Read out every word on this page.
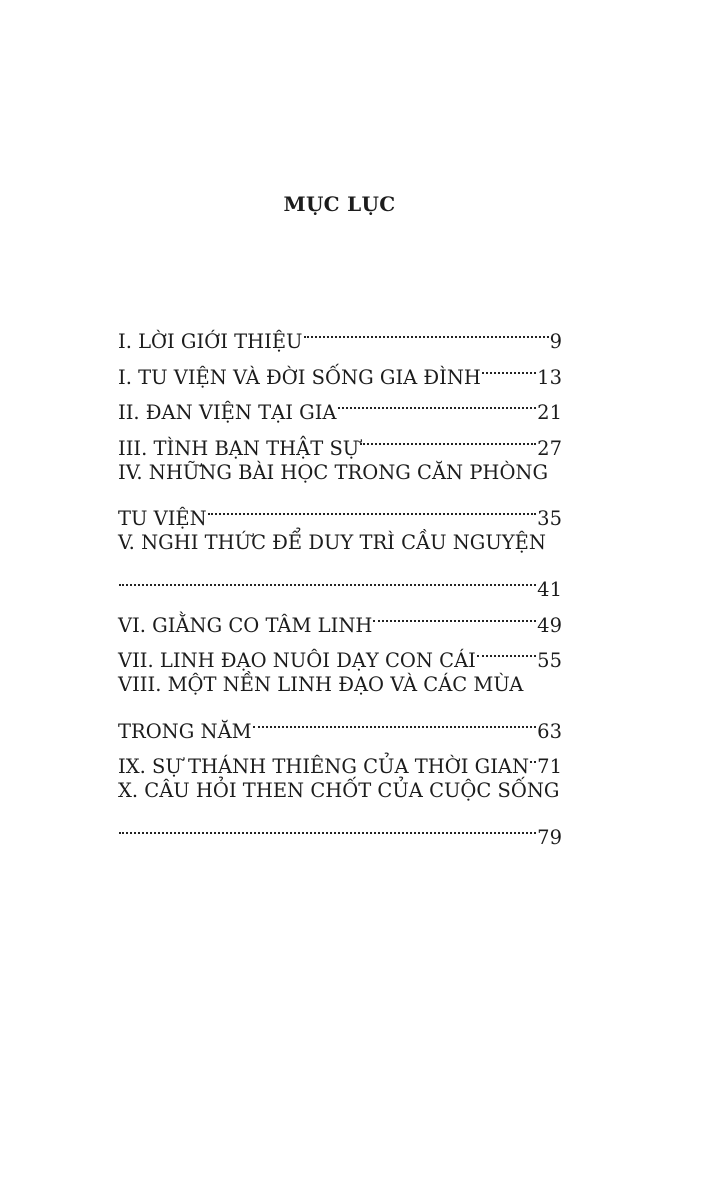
MỤC LỤC
I. LỜI GIỚI THIỆU	9
I. TU VIỆN VÀ ĐỜI SỐNG GIA ĐÌNH	13
II. ĐAN VIỆN TẠI GIA	21
III. TÌNH BẠN THẬT SỰ	27
IV. NHỮNG BÀI HỌC TRONG CĂN PHÒNG
TU VIỆN	35
V. NGHI THỨC ĐỂ DUY TRÌ CẦU NGUYỆN
41
VI. GIẰNG CO TÂM LINH	49
VII. LINH ĐẠO NUÔI DẠY CON CÁI	55
VIII. MỘT NỀN LINH ĐẠO VÀ CÁC MÙA
TRONG NĂM	63
IX. SỰ THÁNH THIÊNG CỦA THỜI GIAN 71
X. CÂU HỎI THEN CHỐT CỦA CUỘC SỐNG
79
